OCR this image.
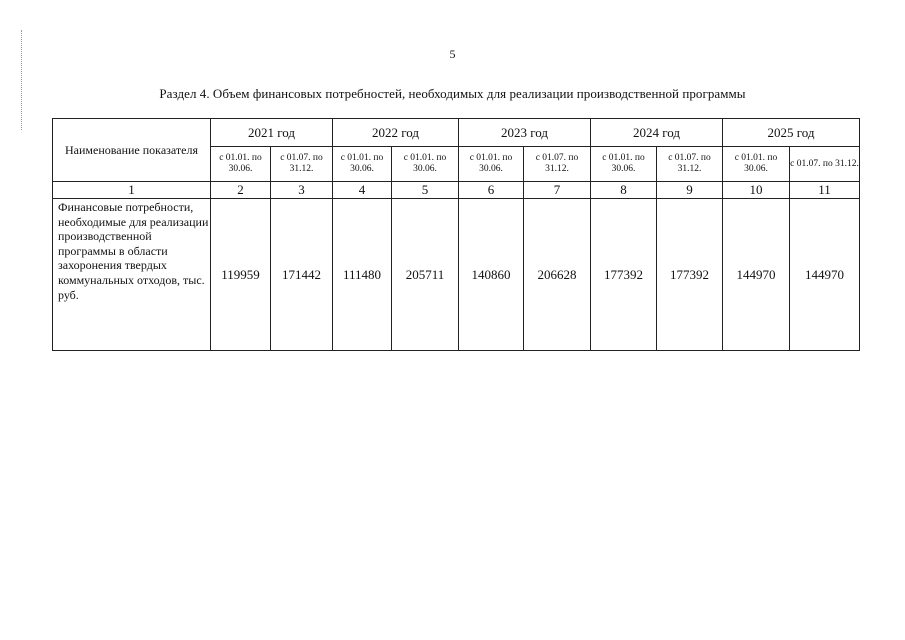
5
Раздел 4. Объем финансовых потребностей, необходимых для реализации производственной программы
Наименование показателя	2021 год		2022 год		2023 год		2024 год		2025 год	
	с 01.01. по 30.06.	с 01.07. по 31.12.	с 01.01. по 30.06.	с 01.01. по 30.06.	с 01.01. по 30.06.	с 01.07. по 31.12.	с 01.01. по 30.06.	с 01.07. по 31.12.	с 01.01. по 30.06.	с 01.07. по 31.12.
1	2	3	4	5	6	7	8	9	10	11
Финансовые потребности, необходимые для реализации производственной программы в области захоронения твердых коммунальных отходов, тыс. руб.	119959	171442	111480	205711	140860	206628	177392	177392	144970	144970
